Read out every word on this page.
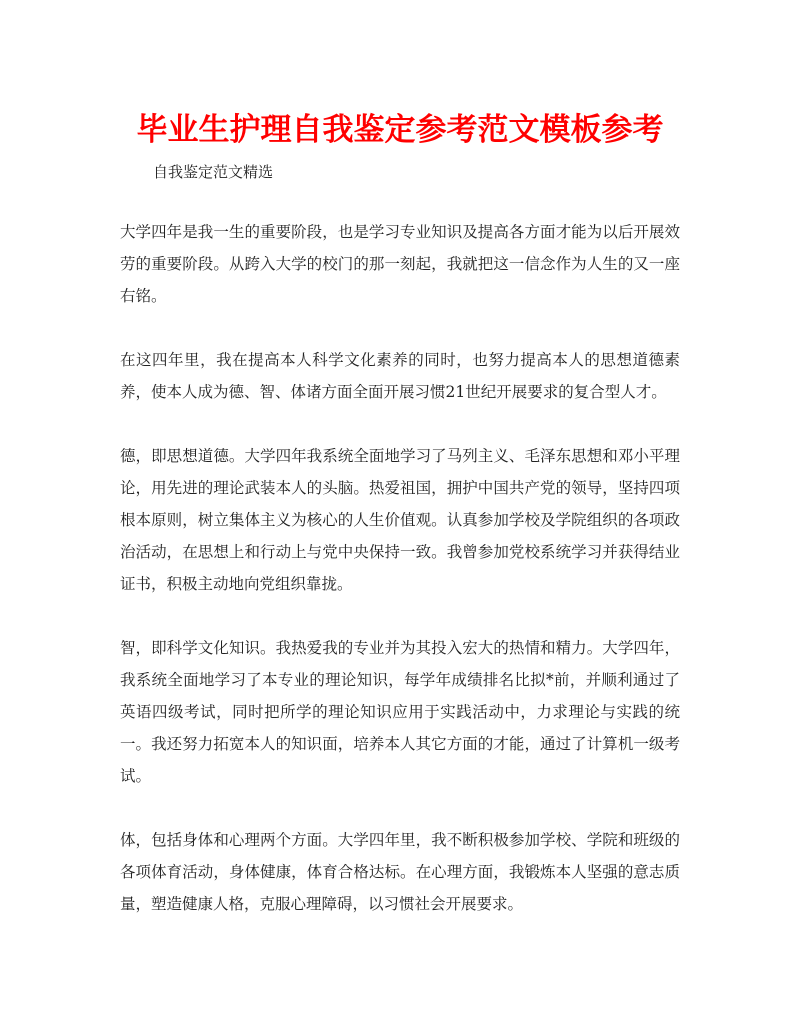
毕业生护理自我鉴定参考范文模板参考

自我鉴定范文精选

大学四年是我一生的重要阶段，也是学习专业知识及提高各方面才能为以后开展效劳的重要阶段。从跨入大学的校门的那一刻起，我就把这一信念作为人生的又一座右铭。

在这四年里，我在提高本人科学文化素养的同时，也努力提高本人的思想道德素养，使本人成为德、智、体诸方面全面开展习惯21世纪开展要求的复合型人才。

德，即思想道德。大学四年我系统全面地学习了马列主义、毛泽东思想和邓小平理论，用先进的理论武装本人的头脑。热爱祖国，拥护中国共产党的领导，坚持四项根本原则，树立集体主义为核心的人生价值观。认真参加学校及学院组织的各项政治活动，在思想上和行动上与党中央保持一致。我曾参加党校系统学习并获得结业证书，积极主动地向党组织靠拢。

智，即科学文化知识。我热爱我的专业并为其投入宏大的热情和精力。大学四年，我系统全面地学习了本专业的理论知识，每学年成绩排名比拟*前，并顺利通过了英语四级考试，同时把所学的理论知识应用于实践活动中，力求理论与实践的统一。我还努力拓宽本人的知识面，培养本人其它方面的才能，通过了计算机一级考试。

体，包括身体和心理两个方面。大学四年里，我不断积极参加学校、学院和班级的各项体育活动，身体健康，体育合格达标。在心理方面，我锻炼本人坚强的意志质量，塑造健康人格，克服心理障碍，以习惯社会开展要求。
